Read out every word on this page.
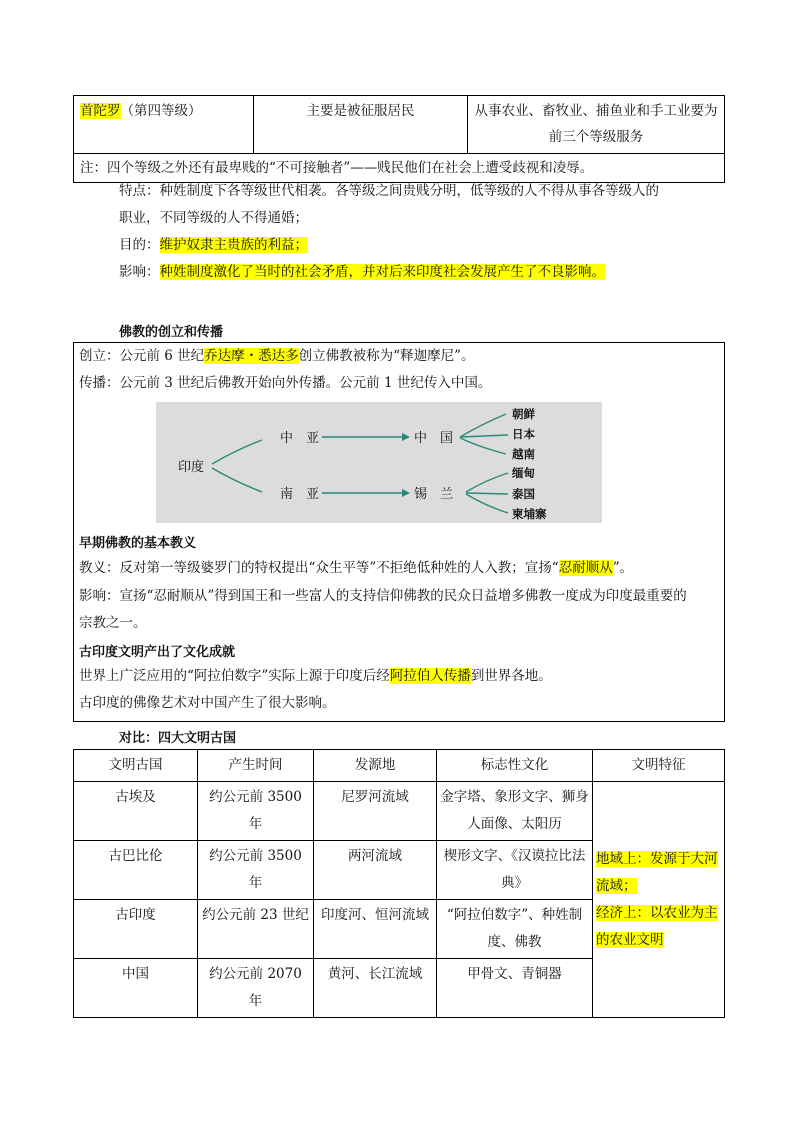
首陀罗（第四等级）	主要是被征服居民	从事农业、畜牧业、捕鱼业和手工业要为前三个等级服务
注：四个等级之外还有最卑贱的“不可接触者”——贱民他们在社会上遭受歧视和凌辱。
特点：种姓制度下各等级世代相袭。各等级之间贵贱分明，低等级的人不得从事各等级人的
职业，不同等级的人不得通婚；
目的：维护奴隶主贵族的利益；
影响：种姓制度激化了当时的社会矛盾，并对后来印度社会发展产生了不良影响。
佛教的创立和传播
创立：公元前 6 世纪乔达摩・悉达多创立佛教被称为“释迦摩尼”。
传播：公元前 3 世纪后佛教开始向外传播。公元前 1 世纪传入中国。
印度
中　亚
南　亚
中　国
锡　兰
朝鲜
日本
越南
缅甸
泰国
柬埔寨
早期佛教的基本教义
教义：反对第一等级婆罗门的特权提出“众生平等”不拒绝低种姓的人入教；宣扬“忍耐顺从”。
影响：宣扬“忍耐顺从”得到国王和一些富人的支持信仰佛教的民众日益增多佛教一度成为印度最重要的
宗教之一。
古印度文明产出了文化成就
世界上广泛应用的“阿拉伯数字”实际上源于印度后经阿拉伯人传播到世界各地。
古印度的佛像艺术对中国产生了很大影响。
对比：四大文明古国
文明古国	产生时间	发源地	标志性文化	文明特征
古埃及	约公元前 3500 年	尼罗河流域	金字塔、象形文字、狮身人面像、太阳历	地域上：发源于大河流域；
经济上：以农业为主的农业文明
古巴比伦	约公元前 3500 年	两河流域	楔形文字、《汉谟拉比法典》	
古印度	约公元前 23 世纪	印度河、恒河流域	“阿拉伯数字”、种姓制度、佛教	
中国	约公元前 2070 年	黄河、长江流域	甲骨文、青铜器	
